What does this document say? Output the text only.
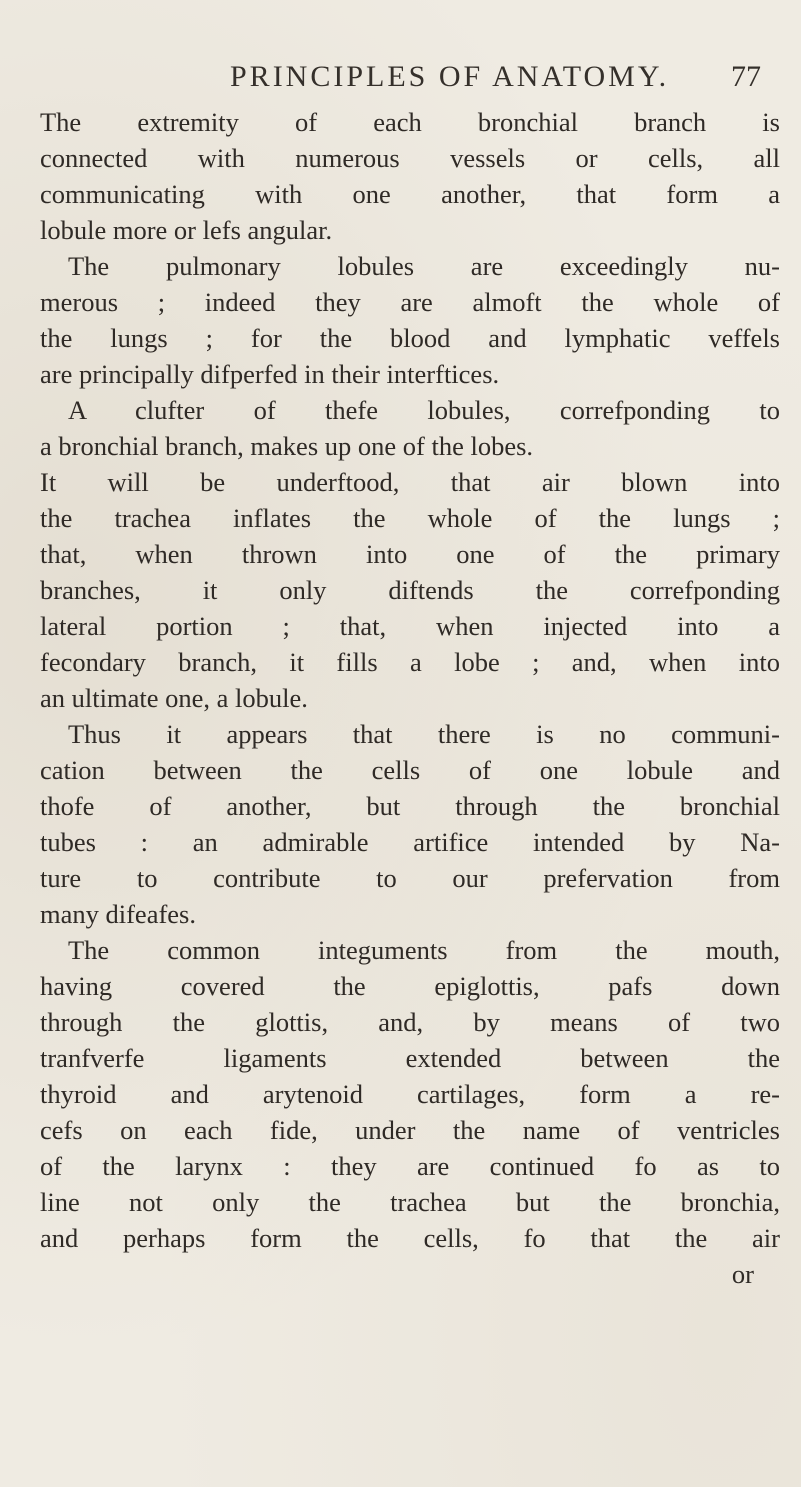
PRINCIPLES OF ANATOMY. 77
The extremity of each bronchial branch is
connected with numerous vessels or cells, all
communicating with one another, that form a
lobule more or lefs angular.
The pulmonary lobules are exceedingly nu-
merous ; indeed they are almoft the whole of
the lungs ; for the blood and lymphatic veffels
are principally difperfed in their interftices.
A clufter of thefe lobules, correfponding to
a bronchial branch, makes up one of the lobes.
It will be underftood, that air blown into
the trachea inflates the whole of the lungs ;
that, when thrown into one of the primary
branches, it only diftends the correfponding
lateral portion ; that, when injected into a
fecondary branch, it fills a lobe ; and, when into
an ultimate one, a lobule.
Thus it appears that there is no communi-
cation between the cells of one lobule and
thofe of another, but through the bronchial
tubes : an admirable artifice intended by Na-
ture to contribute to our prefervation from
many difeafes.
The common integuments from the mouth,
having covered the epiglottis, pafs down
through the glottis, and, by means of two
tranfverfe ligaments extended between the
thyroid and arytenoid cartilages, form a re-
cefs on each fide, under the name of ventricles
of the larynx : they are continued fo as to
line not only the trachea but the bronchia,
and perhaps form the cells, fo that the air
or
